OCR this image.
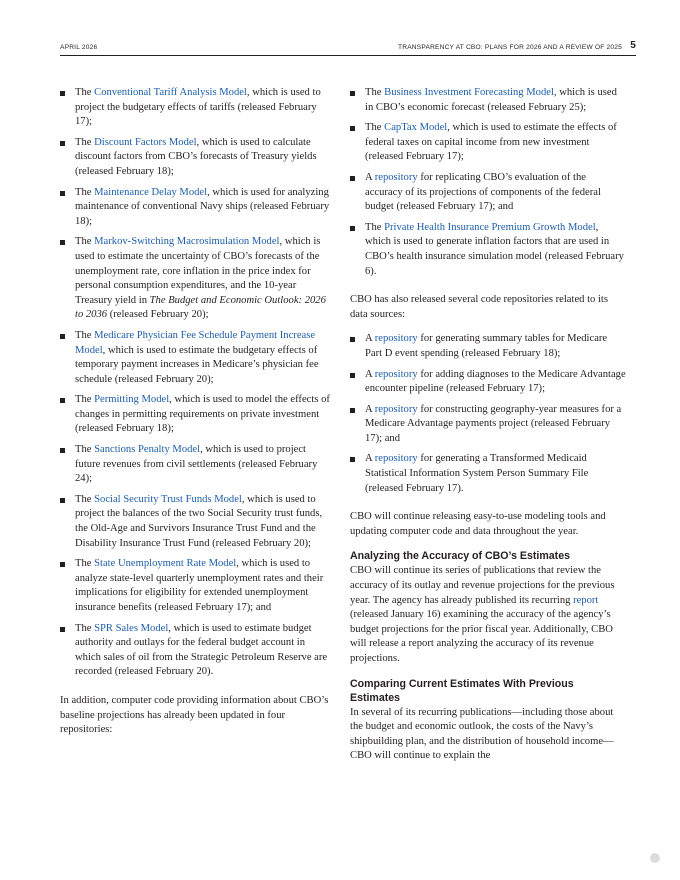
APRIL 2026	TRANSPARENCY AT CBO: PLANS FOR 2026 AND A REVIEW OF 2025 5
The Conventional Tariff Analysis Model, which is used to project the budgetary effects of tariffs (released February 17);
The Discount Factors Model, which is used to calculate discount factors from CBO’s forecasts of Treasury yields (released February 18);
The Maintenance Delay Model, which is used for analyzing maintenance of conventional Navy ships (released February 18);
The Markov-Switching Macrosimulation Model, which is used to estimate the uncertainty of CBO’s forecasts of the unemployment rate, core inflation in the price index for personal consumption expenditures, and the 10-year Treasury yield in The Budget and Economic Outlook: 2026 to 2036 (released February 20);
The Medicare Physician Fee Schedule Payment Increase Model, which is used to estimate the budgetary effects of temporary payment increases in Medicare’s physician fee schedule (released February 20);
The Permitting Model, which is used to model the effects of changes in permitting requirements on private investment (released February 18);
The Sanctions Penalty Model, which is used to project future revenues from civil settlements (released February 24);
The Social Security Trust Funds Model, which is used to project the balances of the two Social Security trust funds, the Old-Age and Survivors Insurance Trust Fund and the Disability Insurance Trust Fund (released February 20);
The State Unemployment Rate Model, which is used to analyze state-level quarterly unemployment rates and their implications for eligibility for extended unemployment insurance benefits (released February 17); and
The SPR Sales Model, which is used to estimate budget authority and outlays for the federal budget account in which sales of oil from the Strategic Petroleum Reserve are recorded (released February 20).

In addition, computer code providing information about CBO’s baseline projections has already been updated in four repositories:

The Business Investment Forecasting Model, which is used in CBO’s economic forecast (released February 25);
The CapTax Model, which is used to estimate the effects of federal taxes on capital income from new investment (released February 17);
A repository for replicating CBO’s evaluation of the accuracy of its projections of components of the federal budget (released February 17); and
The Private Health Insurance Premium Growth Model, which is used to generate inflation factors that are used in CBO’s health insurance simulation model (released February 6).

CBO has also released several code repositories related to its data sources:

A repository for generating summary tables for Medicare Part D event spending (released February 18);
A repository for adding diagnoses to the Medicare Advantage encounter pipeline (released February 17);
A repository for constructing geography-year measures for a Medicare Advantage payments project (released February 17); and
A repository for generating a Transformed Medicaid Statistical Information System Person Summary File (released February 17).

CBO will continue releasing easy-to-use modeling tools and updating computer code and data throughout the year.

Analyzing the Accuracy of CBO’s Estimates

CBO will continue its series of publications that review the accuracy of its outlay and revenue projections for the previous year. The agency has already published its recurring report (released January 16) examining the accuracy of the agency’s budget projections for the prior fiscal year. Additionally, CBO will release a report analyzing the accuracy of its revenue projections.

Comparing Current Estimates With Previous Estimates

In several of its recurring publications—including those about the budget and economic outlook, the costs of the Navy’s shipbuilding plan, and the distribution of household income—CBO will continue to explain the
